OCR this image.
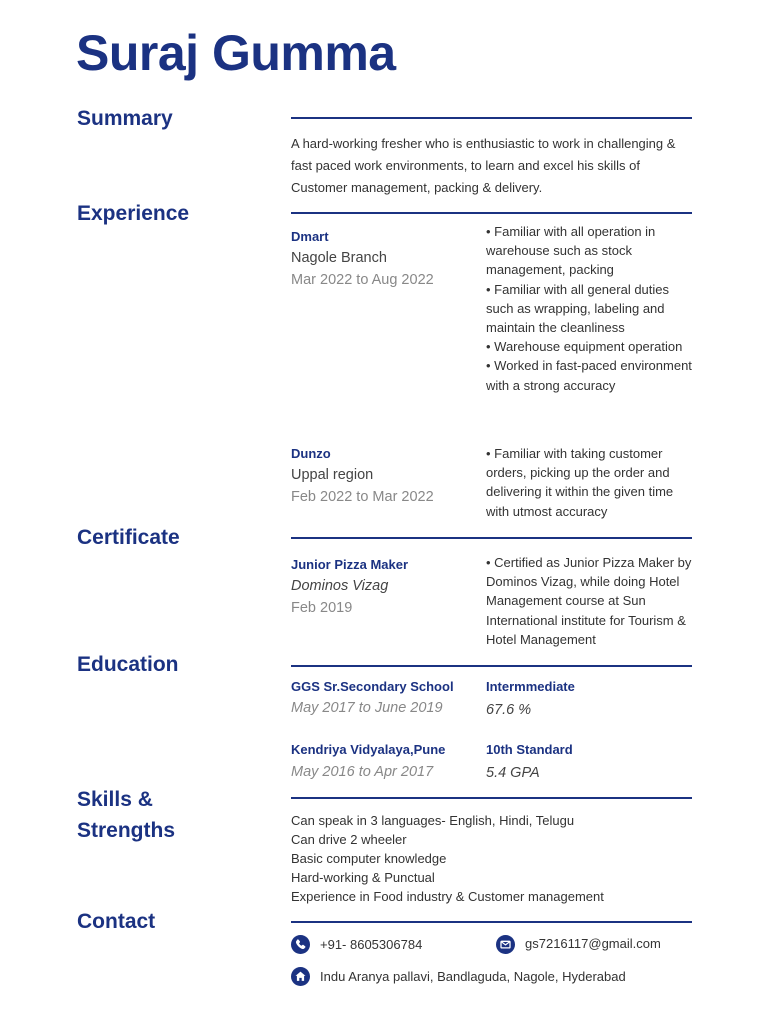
Suraj Gumma
Summary
A hard-working fresher who is enthusiastic to work in challenging & fast paced work environments, to learn and excel his skills of Customer management, packing & delivery.
Experience
Dmart
Nagole Branch
Mar 2022 to Aug 2022
• Familiar with all operation in warehouse such as stock management, packing
• Familiar with all general duties such as wrapping, labeling and maintain the cleanliness
• Warehouse equipment operation
• Worked in fast-paced environment with a strong accuracy
Dunzo
Uppal region
Feb 2022 to Mar 2022
• Familiar with taking customer orders, picking up the order and delivering it within the given time with utmost accuracy
Certificate
Junior Pizza Maker
Dominos Vizag
Feb 2019
• Certified as Junior Pizza Maker by Dominos Vizag, while doing Hotel Management course at Sun International institute for Tourism & Hotel Management
Education
GGS Sr.Secondary School
May 2017 to June 2019
Intermmediate
67.6 %
Kendriya Vidyalaya,Pune
May 2016 to Apr 2017
10th Standard
5.4 GPA
Skills &
Strengths	Can speak in 3 languages- English, Hindi, Telugu
Can drive 2 wheeler
Basic computer knowledge
Hard-working & Punctual
Experience in Food industry & Customer management
Contact
+91- 8605306784	gs7216117@gmail.com
Indu Aranya pallavi, Bandlaguda, Nagole, Hyderabad
